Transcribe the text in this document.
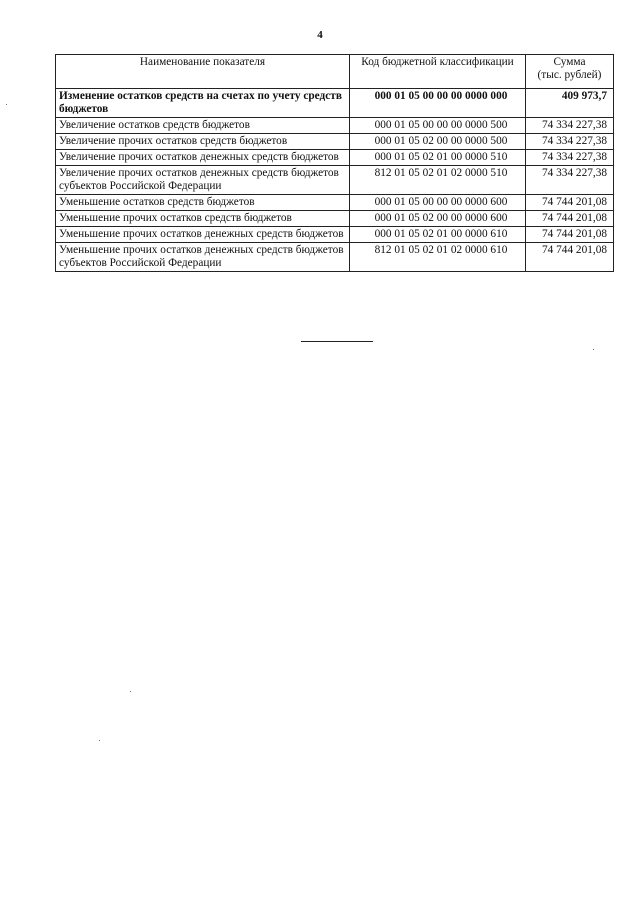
4
Наименование показателя	Код бюджетной классификации	Сумма
(тыс. рублей)

Изменение остатков средств на счетах по учету средств бюджетов	000 01 05 00 00 00 0000 000	409 973,7
Увеличение остатков средств бюджетов	000 01 05 00 00 00 0000 500	74 334 227,38
Увеличение прочих остатков средств бюджетов	000 01 05 02 00 00 0000 500	74 334 227,38
Увеличение прочих остатков денежных средств бюджетов	000 01 05 02 01 00 0000 510	74 334 227,38
Увеличение прочих остатков денежных средств бюджетов субъектов Российской Федерации	812 01 05 02 01 02 0000 510	74 334 227,38
Уменьшение остатков средств бюджетов	000 01 05 00 00 00 0000 600	74 744 201,08
Уменьшение прочих остатков средств бюджетов	000 01 05 02 00 00 0000 600	74 744 201,08
Уменьшение прочих остатков денежных средств бюджетов	000 01 05 02 01 00 0000 610	74 744 201,08
Уменьшение прочих остатков денежных средств бюджетов субъектов Российской Федерации	812 01 05 02 01 02 0000 610	74 744 201,08
